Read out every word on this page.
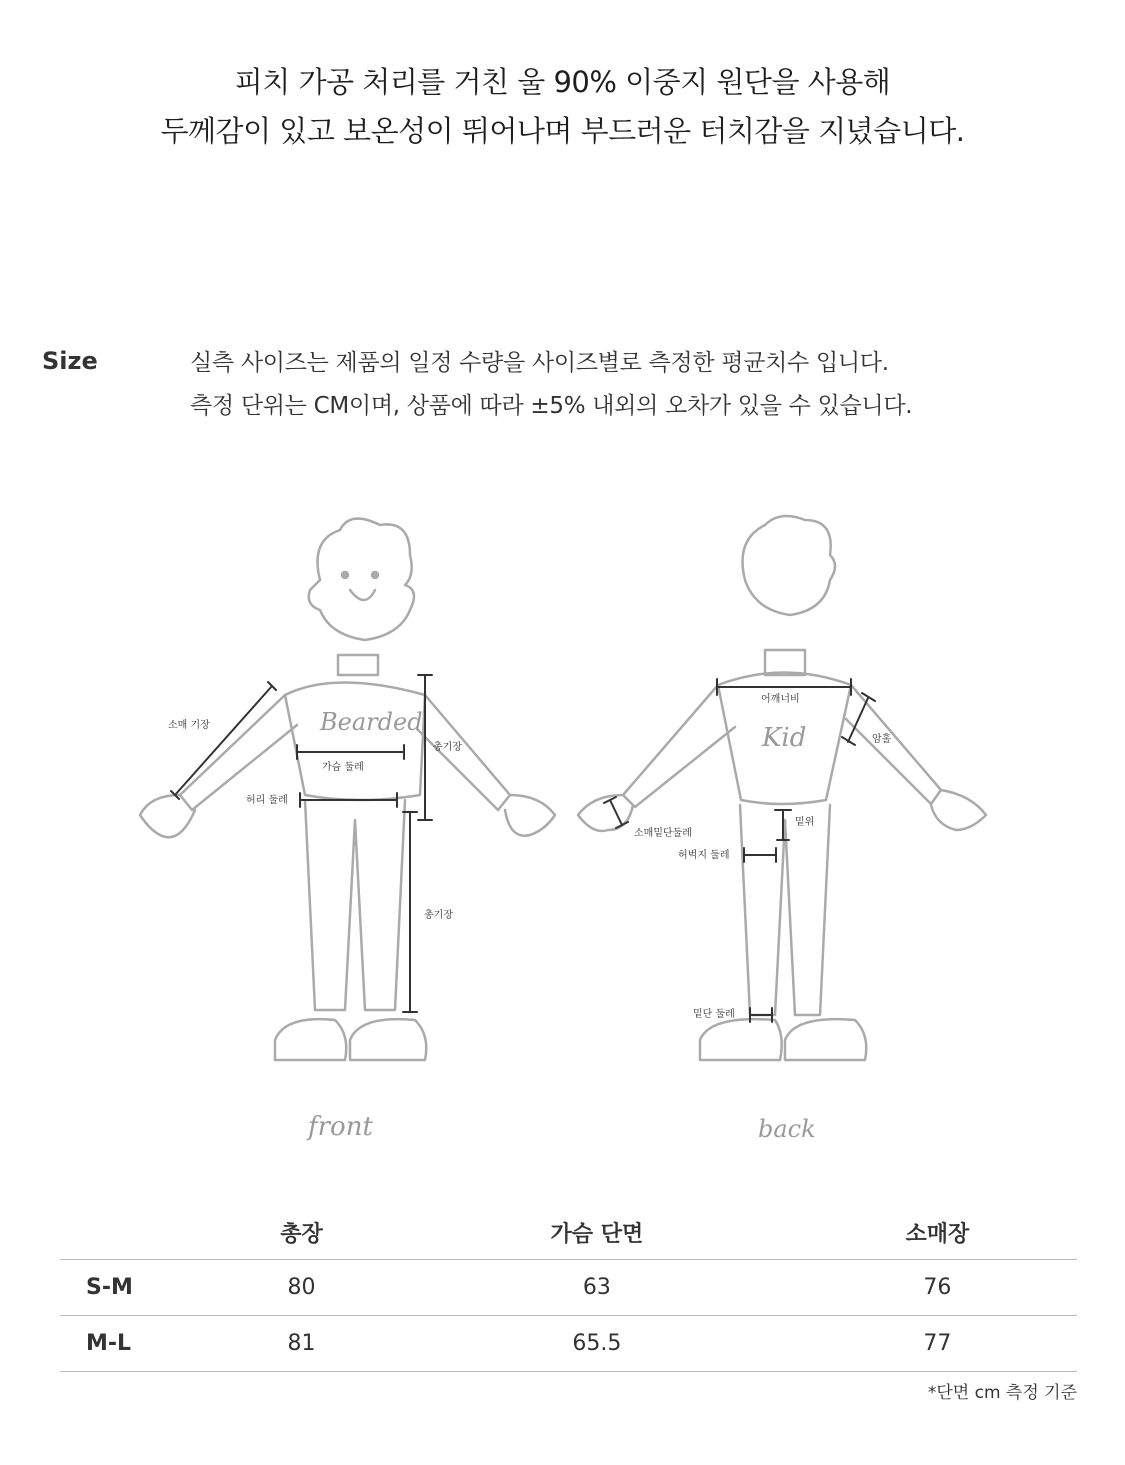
피치 가공 처리를 거친 울 90% 이중지 원단을 사용해
두께감이 있고 보온성이 뛰어나며 부드러운 터치감을 지녔습니다.
Size	실측 사이즈는 제품의 일정 수량을 사이즈별로 측정한 평균치수 입니다.
측정 단위는 CM이며, 상품에 따라 ±5% 내외의 오차가 있을 수 있습니다.
Bearded
소매 기장
가슴 둘레
허리 둘레
총기장
총기장
front
Kid
어깨너비
암홀
소매밑단둘레
밑위
허벅지 둘레
밑단 둘레
back
	총장	가슴 단면	소매장
S-M	80	63	76
M-L	81	65.5	77
*단면 cm 측정 기준
